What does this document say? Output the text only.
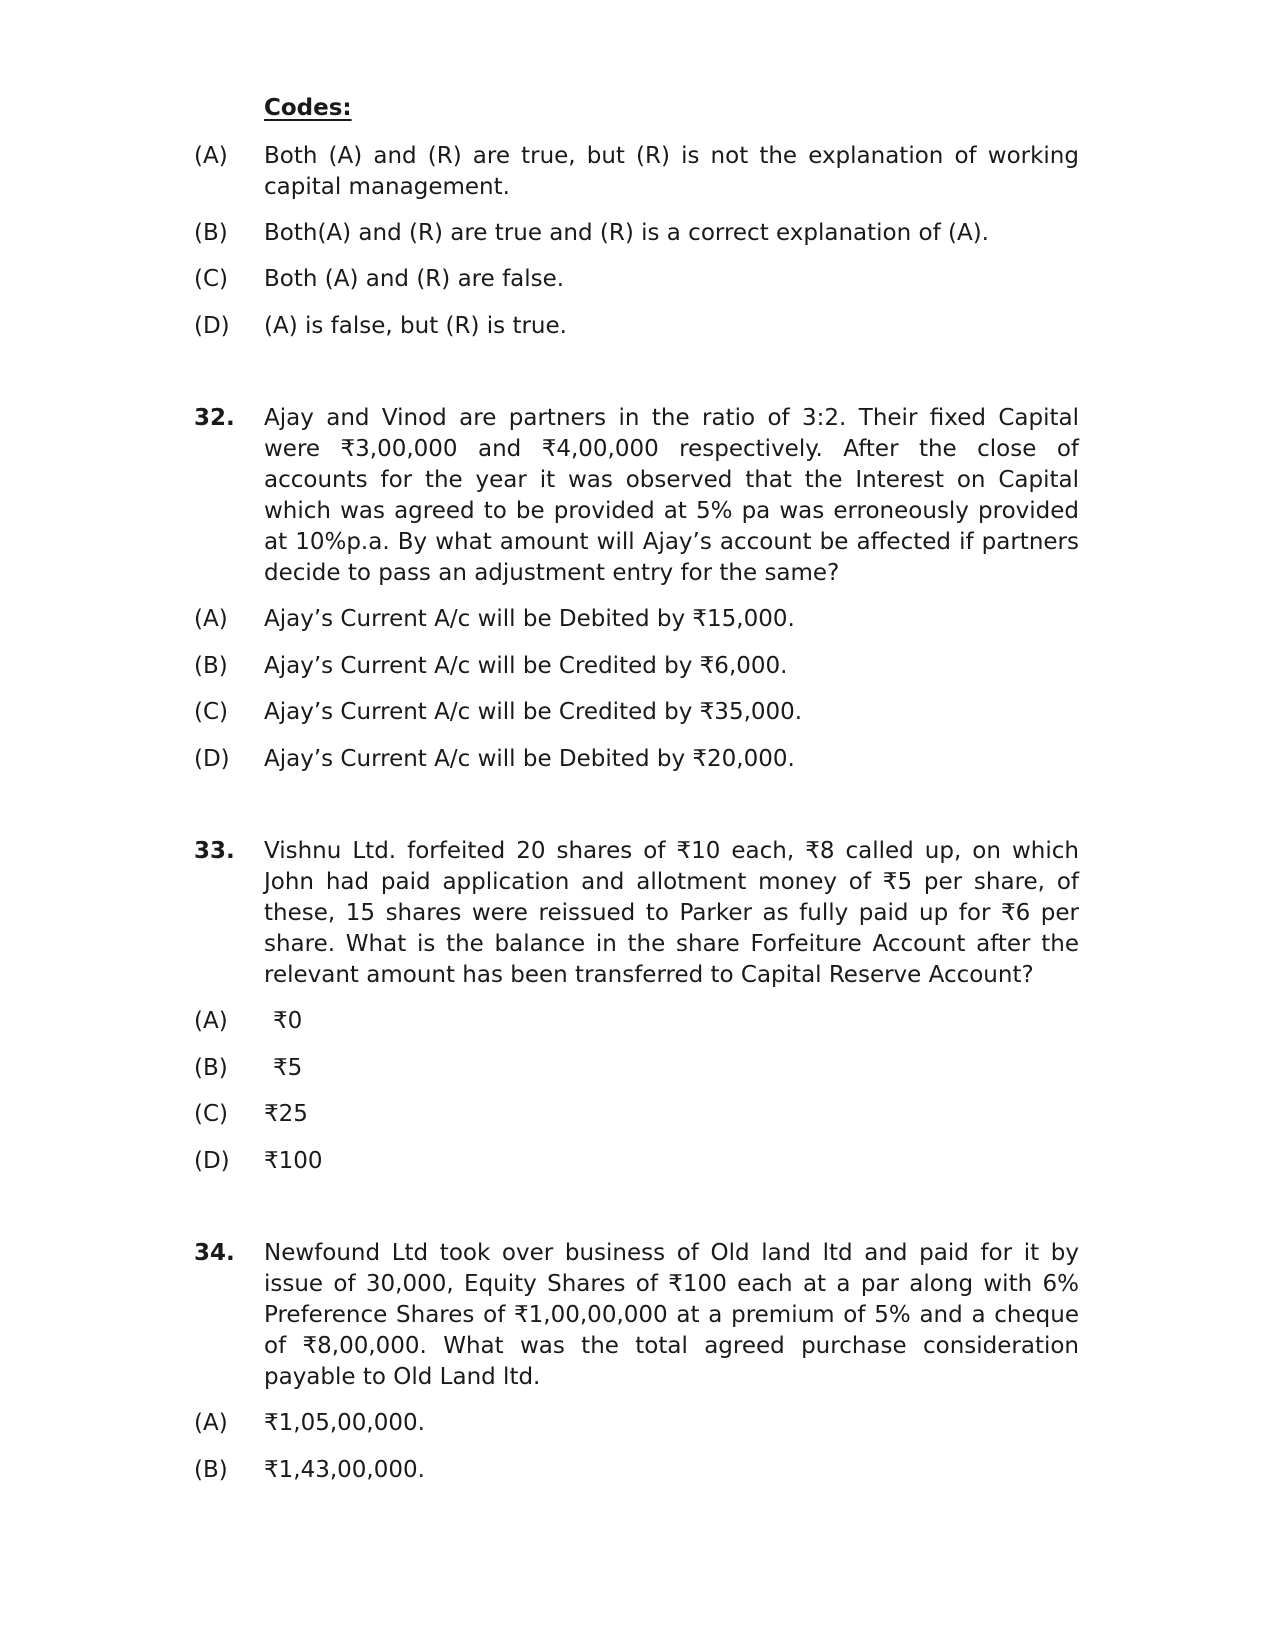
Codes:
(A)	Both (A) and (R) are true, but (R) is not the explanation of working capital management.
(B)	Both(A) and (R) are true and (R) is a correct explanation of (A).
(C)	Both (A) and (R) are false.
(D)	(A) is false, but (R) is true.
32.	Ajay and Vinod are partners in the ratio of 3:2. Their fixed Capital were ₹3,00,000 and ₹4,00,000 respectively. After the close of accounts for the year it was observed that the Interest on Capital which was agreed to be provided at 5% pa was erroneously provided at 10%p.a. By what amount will Ajay’s account be affected if partners decide to pass an adjustment entry for the same?
(A)	Ajay’s Current A/c will be Debited by ₹15,000.
(B)	Ajay’s Current A/c will be Credited by ₹6,000.
(C)	Ajay’s Current A/c will be Credited by ₹35,000.
(D)	Ajay’s Current A/c will be Debited by ₹20,000.
33.	Vishnu Ltd. forfeited 20 shares of ₹10 each, ₹8 called up, on which John had paid application and allotment money of ₹5 per share, of these, 15 shares were reissued to Parker as fully paid up for ₹6 per share. What is the balance in the share Forfeiture Account after the relevant amount has been transferred to Capital Reserve Account?
(A)	₹0
(B)	₹5
(C)	₹25
(D)	₹100
34.	Newfound Ltd took over business of Old land ltd and paid for it by issue of 30,000, Equity Shares of ₹100 each at a par along with 6% Preference Shares of ₹1,00,00,000 at a premium of 5% and a cheque of ₹8,00,000. What was the total agreed purchase consideration payable to Old Land ltd.
(A)	₹1,05,00,000.
(B)	₹1,43,00,000.
